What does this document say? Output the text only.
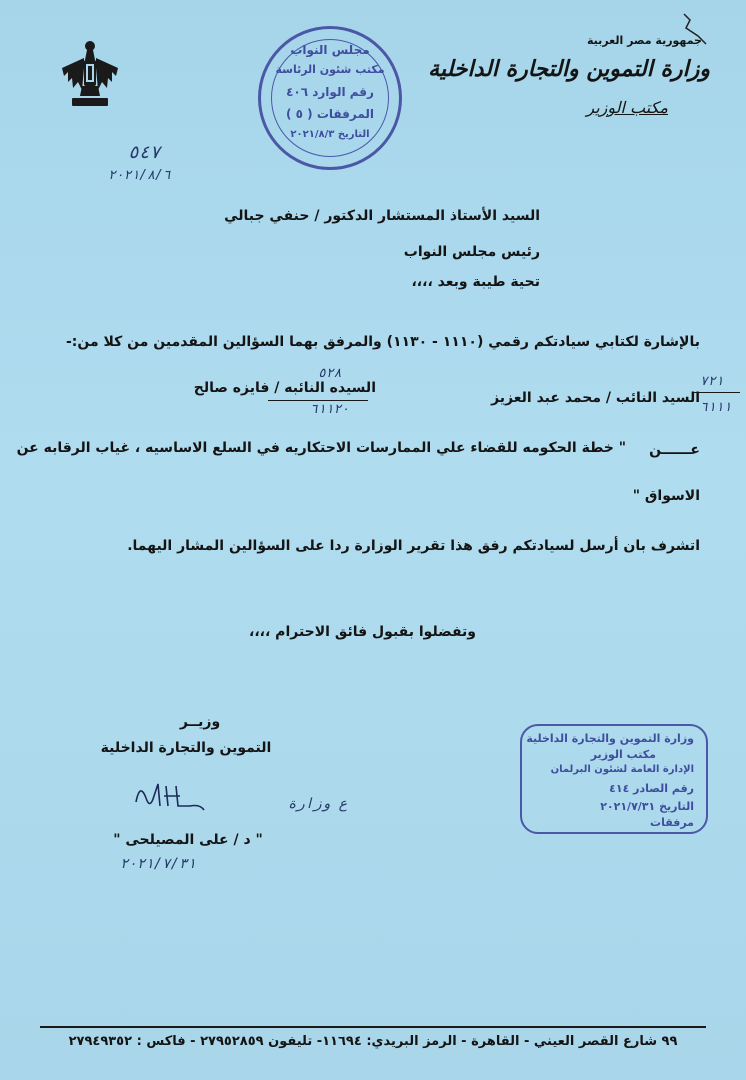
جمهورية مصر العربية
وزارة التموين والتجارة الداخلية
مكتب الوزير
مجلس النواب
مكتب شئون الرئاسة
رقم الوارد ٤٠٦
المرفقات ( ٥ )
التاريخ ٢٠٢١/٨/٣
٥٤٧
٢٠٢١/٨/٦
السيد الأستاذ المستشار الدكتور / حنفي جبالي
رئيس مجلس النواب
تحية طيبة وبعد ،،،،
بالإشارة لكتابي سيادتكم رقمي (١١١٠ - ١١٣٠) والمرفق بهما السؤالين المقدمين من كلا من:-
السيد النائب / محمد عبد العزيز
السيده النائبه / فايزه صالح
٥٢٨
٦١١٢٠
٧٢١
٦١١١
عــــــن
" خطة الحكومه للقضاء علي الممارسات الاحتكاريه في السلع الاساسيه ، غياب الرقابه عن
الاسواق "
اتشرف بان أرسل لسيادتكم رفق هذا تقرير الوزارة ردا على السؤالين المشار اليهما.
وتفضلوا بقبول فائق الاحترام ،،،،
وزيــر
التموين والتجارة الداخلية
ع وزارة
" د / على المصيلحى "
٢٠٢١/٧/٣١
وزارة التموين والتجارة الداخلية
مكتب الوزير
الإدارة العامة لشئون البرلمان
رقم الصادر ٤١٤
التاريخ ٢٠٢١/٧/٣١
مرفقات
٩٩ شارع القصر العيني - القاهرة - الرمز البريدي: ١١٦٩٤- تليفون ٢٧٩٥٢٨٥٩ - فاكس : ٢٧٩٤٩٣٥٢
